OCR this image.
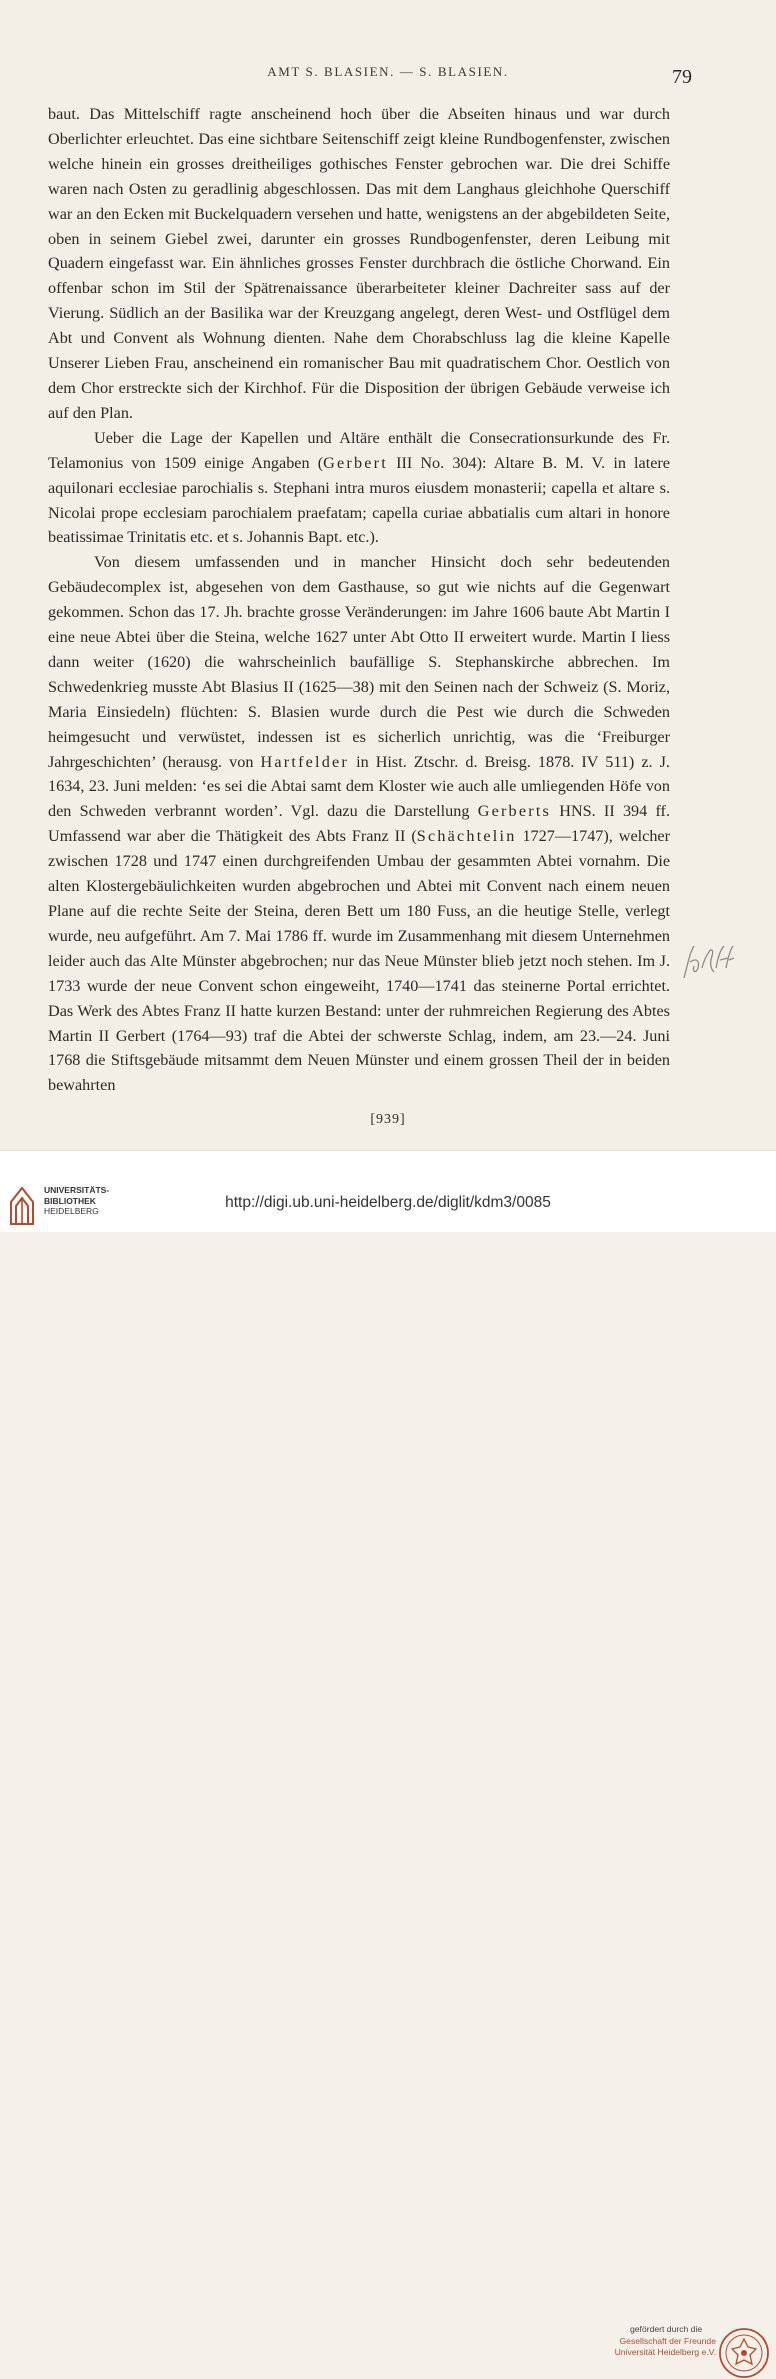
AMT S. BLASIEN. — S. BLASIEN.	79

baut. Das Mittelschiff ragte anscheinend hoch über die Abseiten hinaus und war durch Oberlichter erleuchtet. Das eine sichtbare Seitenschiff zeigt kleine Rundbogenfenster, zwischen welche hinein ein grosses dreitheiliges gothisches Fenster gebrochen war. Die drei Schiffe waren nach Osten zu geradlinig abgeschlossen. Das mit dem Langhaus gleichhohe Querschiff war an den Ecken mit Buckelquadern versehen und hatte, wenigstens an der abgebildeten Seite, oben in seinem Giebel zwei, darunter ein grosses Rundbogenfenster, deren Leibung mit Quadern eingefasst war. Ein ähnliches grosses Fenster durchbrach die östliche Chorwand. Ein offenbar schon im Stil der Spätrenaissance überarbeiteter kleiner Dachreiter sass auf der Vierung. Südlich an der Basilika war der Kreuzgang angelegt, deren West- und Ostflügel dem Abt und Convent als Wohnung dienten. Nahe dem Chorabschluss lag die kleine Kapelle Unserer Lieben Frau, anscheinend ein romanischer Bau mit quadratischem Chor. Oestlich von dem Chor erstreckte sich der Kirchhof. Für die Disposition der übrigen Gebäude verweise ich auf den Plan.

Ueber die Lage der Kapellen und Altäre enthält die Consecrationsurkunde des Fr. Telamonius von 1509 einige Angaben (Gerbert III No. 304): Altare B. M. V. in latere aquilonari ecclesiae parochialis s. Stephani intra muros eiusdem monasterii; capella et altare s. Nicolai prope ecclesiam parochialem praefatam; capella curiae abbatialis cum altari in honore beatissimae Trinitatis etc. et s. Johannis Bapt. etc.).

Von diesem umfassenden und in mancher Hinsicht doch sehr bedeutenden Gebäudecomplex ist, abgesehen von dem Gasthause, so gut wie nichts auf die Gegenwart gekommen. Schon das 17. Jh. brachte grosse Veränderungen: im Jahre 1606 baute Abt Martin I eine neue Abtei über die Steina, welche 1627 unter Abt Otto II erweitert wurde. Martin I liess dann weiter (1620) die wahrscheinlich baufällige S. Stephanskirche abbrechen. Im Schwedenkrieg musste Abt Blasius II (1625—38) mit den Seinen nach der Schweiz (S. Moriz, Maria Einsiedeln) flüchten: S. Blasien wurde durch die Pest wie durch die Schweden heimgesucht und verwüstet, indessen ist es sicherlich unrichtig, was die ‘Freiburger Jahrgeschichten’ (herausg. von Hartfelder in Hist. Ztschr. d. Breisg. 1878. IV 511) z. J. 1634, 23. Juni melden: ‘es sei die Abtai samt dem Kloster wie auch alle umliegenden Höfe von den Schweden verbrannt worden’. Vgl. dazu die Darstellung Gerberts HNS. II 394 ff. Umfassend war aber die Thätigkeit des Abts Franz II (Schächtelin 1727—1747), welcher zwischen 1728 und 1747 einen durchgreifenden Umbau der gesammten Abtei vornahm. Die alten Klostergebäulichkeiten wurden abgebrochen und Abtei mit Convent nach einem neuen Plane auf die rechte Seite der Steina, deren Bett um 180 Fuss, an die heutige Stelle, verlegt wurde, neu aufgeführt. Am 7. Mai 1786 ff. wurde im Zusammenhang mit diesem Unternehmen leider auch das Alte Münster abgebrochen; nur das Neue Münster blieb jetzt noch stehen. Im J. 1733 wurde der neue Convent schon eingeweiht, 1740—1741 das steinerne Portal errichtet. Das Werk des Abtes Franz II hatte kurzen Bestand: unter der ruhmreichen Regierung des Abtes Martin II Gerbert (1764—93) traf die Abtei der schwerste Schlag, indem, am 23.—24. Juni 1768 die Stiftsgebäude mitsammt dem Neuen Münster und einem grossen Theil der in beiden bewahrten

[939]
UNIVERSITÄTS-
BIBLIOTHEK
HEIDELBERG
gefördert durch die
Gesellschaft der Freunde
Universität Heidelberg e.V.
http://digi.ub.uni-heidelberg.de/diglit/kdm3/0085
